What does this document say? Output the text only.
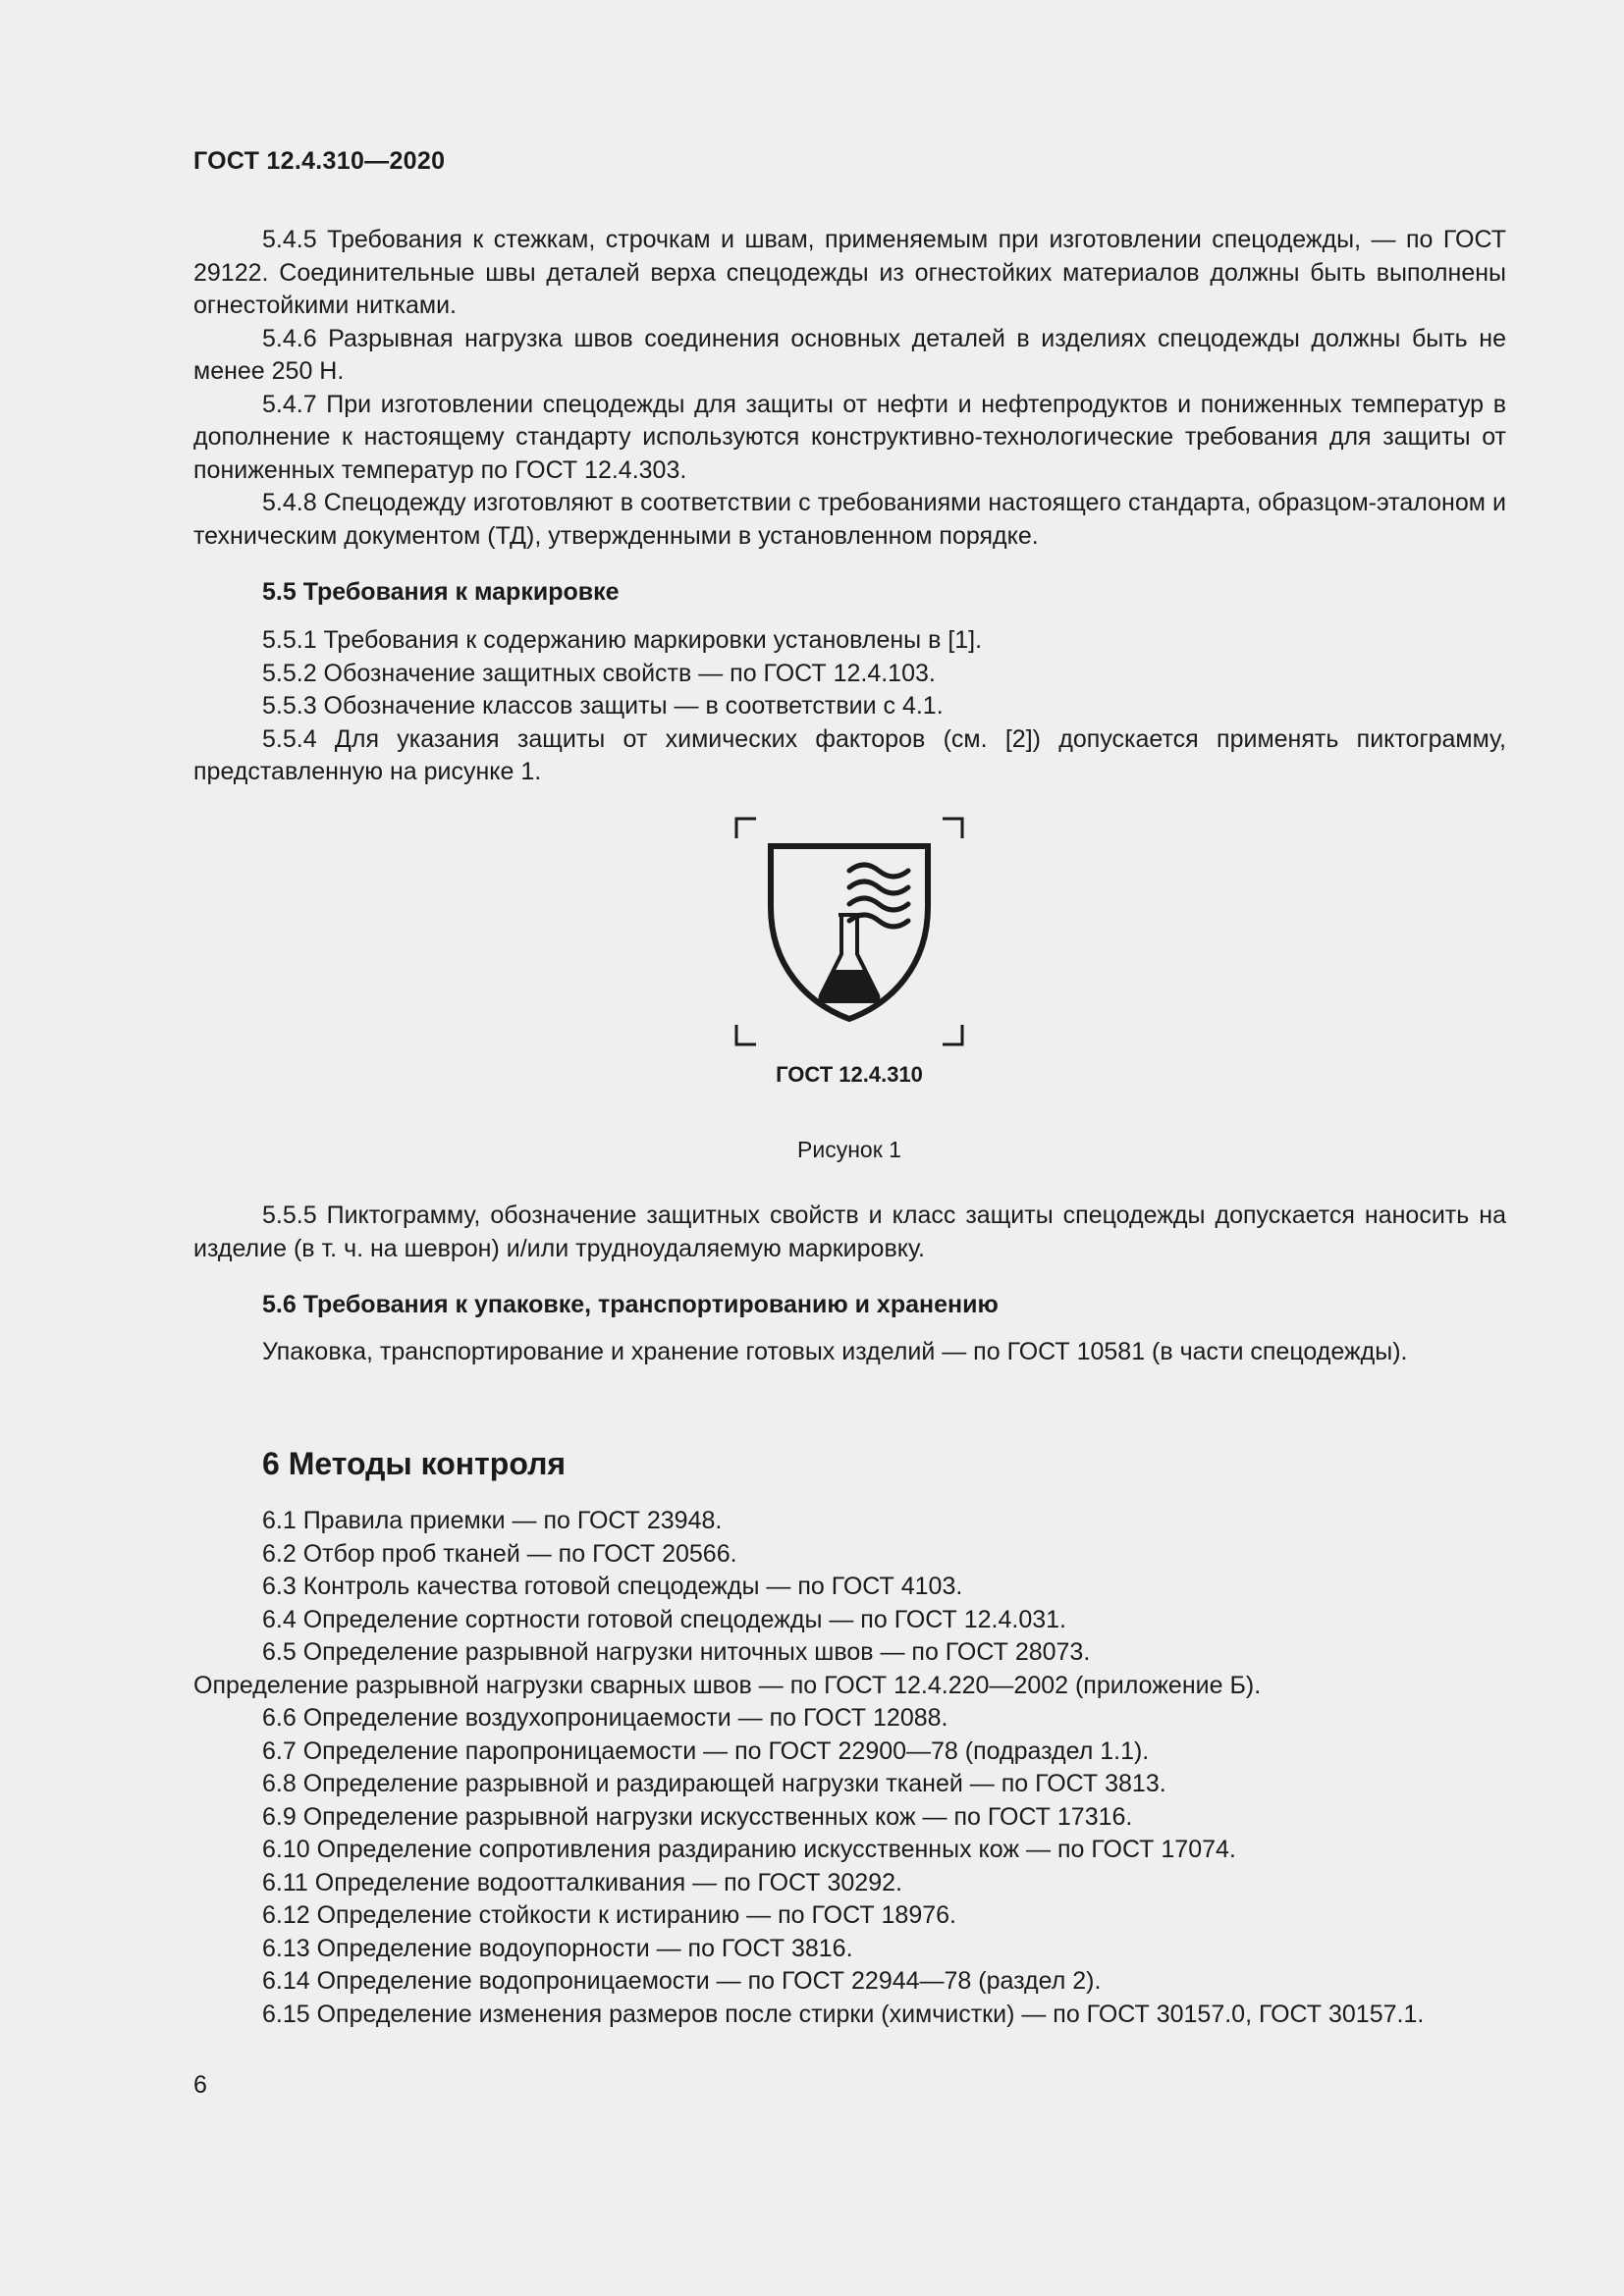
ГОСТ 12.4.310—2020

5.4.5 Требования к стежкам, строчкам и швам, применяемым при изготовлении спецодежды, — по ГОСТ 29122. Соединительные швы деталей верха спецодежды из огнестойких материалов должны быть выполнены огнестойкими нитками.

5.4.6 Разрывная нагрузка швов соединения основных деталей в изделиях спецодежды должны быть не менее 250 Н.

5.4.7 При изготовлении спецодежды для защиты от нефти и нефтепродуктов и пониженных температур в дополнение к настоящему стандарту используются конструктивно-технологические требования для защиты от пониженных температур по ГОСТ 12.4.303.

5.4.8 Спецодежду изготовляют в соответствии с требованиями настоящего стандарта, образцом-эталоном и техническим документом (ТД), утвержденными в установленном порядке.

5.5 Требования к маркировке

5.5.1 Требования к содержанию маркировки установлены в [1].

5.5.2 Обозначение защитных свойств — по ГОСТ 12.4.103.

5.5.3 Обозначение классов защиты — в соответствии с 4.1.

5.5.4 Для указания защиты от химических факторов (см. [2]) допускается применять пиктограмму, представленную на рисунке 1.

ГОСТ 12.4.310
Рисунок 1

5.5.5 Пиктограмму, обозначение защитных свойств и класс защиты спецодежды допускается наносить на изделие (в т. ч. на шеврон) и/или трудноудаляемую маркировку.

5.6 Требования к упаковке, транспортированию и хранению

Упаковка, транспортирование и хранение готовых изделий — по ГОСТ 10581 (в части спецодежды).

6 Методы контроля

6.1 Правила приемки — по ГОСТ 23948.

6.2 Отбор проб тканей — по ГОСТ 20566.

6.3 Контроль качества готовой спецодежды — по ГОСТ 4103.

6.4 Определение сортности готовой спецодежды — по ГОСТ 12.4.031.

6.5 Определение разрывной нагрузки ниточных швов — по ГОСТ 28073.

Определение разрывной нагрузки сварных швов — по ГОСТ 12.4.220—2002 (приложение Б).

6.6 Определение воздухопроницаемости — по ГОСТ 12088.

6.7 Определение паропроницаемости — по ГОСТ 22900—78 (подраздел 1.1).

6.8 Определение разрывной и раздирающей нагрузки тканей — по ГОСТ 3813.

6.9 Определение разрывной нагрузки искусственных кож — по ГОСТ 17316.

6.10 Определение сопротивления раздиранию искусственных кож — по ГОСТ 17074.

6.11 Определение водоотталкивания — по ГОСТ 30292.

6.12 Определение стойкости к истиранию — по ГОСТ 18976.

6.13 Определение водоупорности — по ГОСТ 3816.

6.14 Определение водопроницаемости — по ГОСТ 22944—78 (раздел 2).

6.15 Определение изменения размеров после стирки (химчистки) — по ГОСТ 30157.0, ГОСТ 30157.1.

6
